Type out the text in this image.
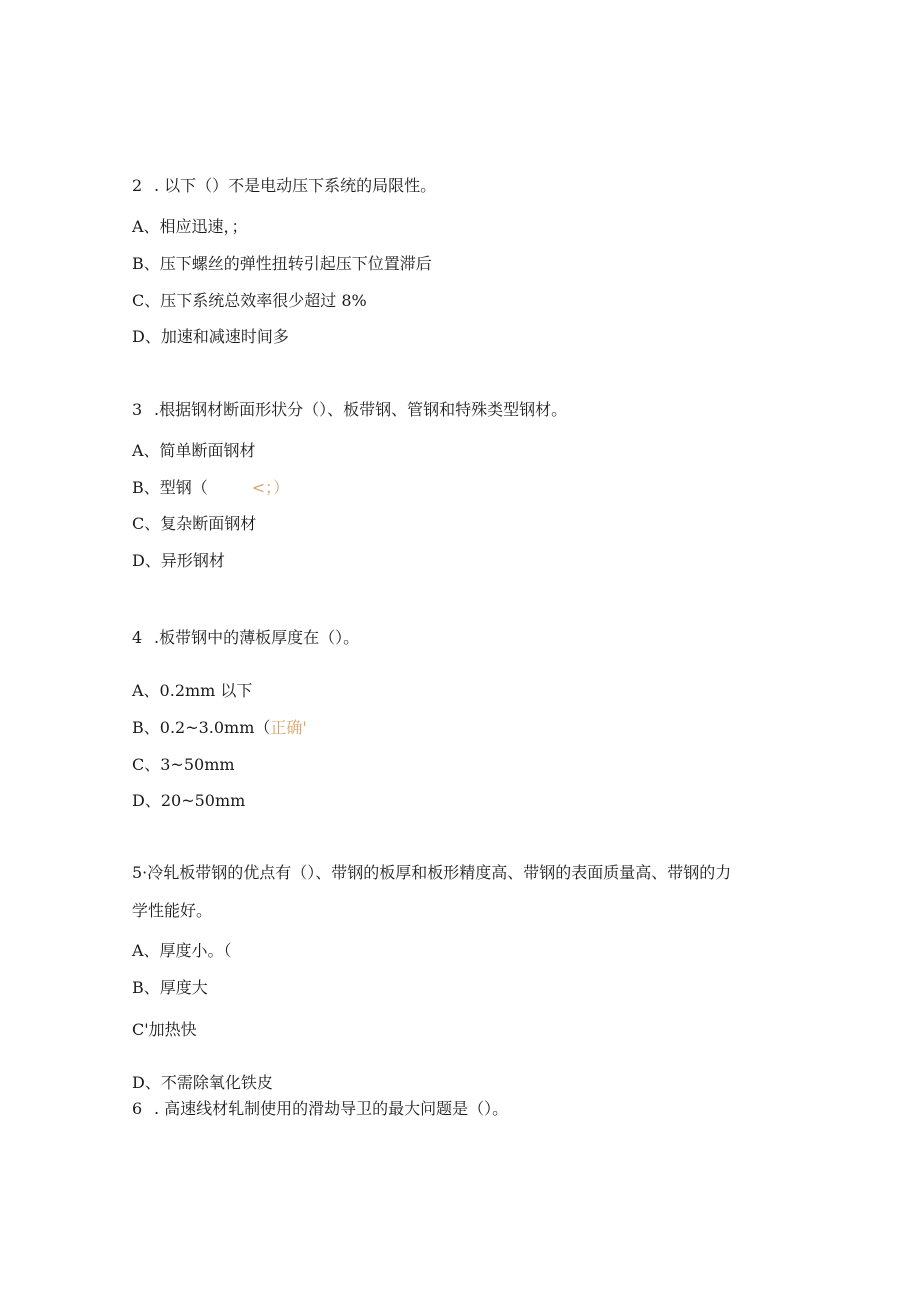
2 . 以下（）不是电动压下系统的局限性。
A、相应迅速，；
B、压下螺丝的弹性扭转引起压下位置滞后
C、压下系统总效率很少超过 8%
D、加速和减速时间多
3 .根据钢材断面形状分（）、板带钢、管钢和特殊类型钢材。
A、简单断面钢材
B、型钢（	<；）
C、复杂断面钢材
D、异形钢材
4 .板带钢中的薄板厚度在（）。
A、0.2mm 以下
B、0.2~3.0mm（正确'
C、3~50mm
D、20~50mm
5·冷轧板带钢的优点有（）、带钢的板厚和板形精度高、带钢的表面质量高、带钢的力
学性能好。
A、厚度小。（
B、厚度大
C'加热快
D、不需除氧化铁皮
6 . 高速线材轧制使用的滑劫导卫的最大问题是（）。
